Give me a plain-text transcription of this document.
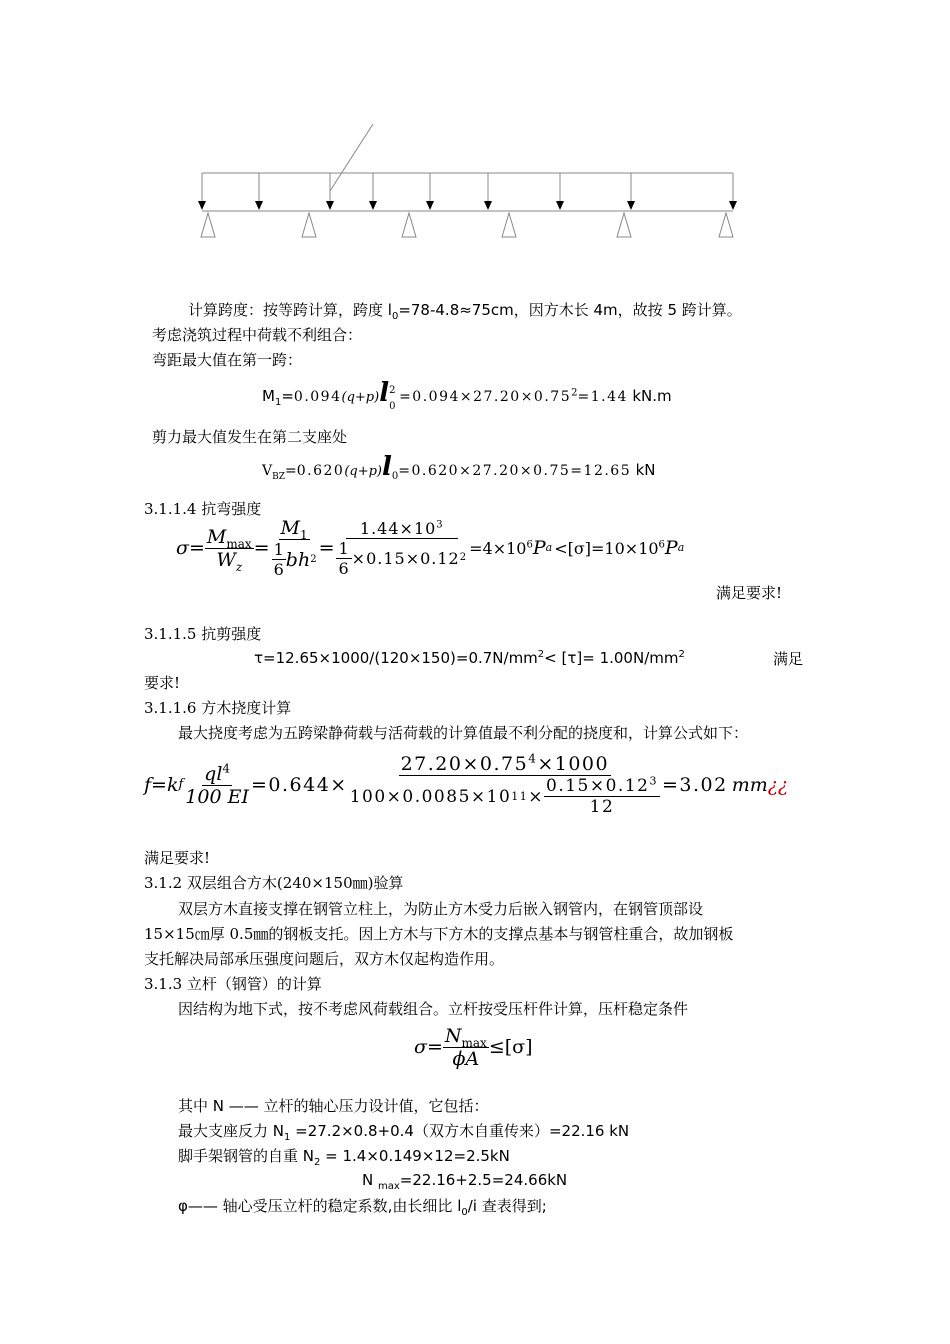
计算跨度：按等跨计算，跨度 $l_0=78-4.8\approx 75cm$，因方木长 4m，故按 5 跨计算。
考虑浇筑过程中荷载不利组合：
弯距最大值在第一跨：
$M_1=0.094(q+p)l$ 2
0
$=0.094\times 27.20\times 0.75^2=1.44$ kN.m
剪力最大值发生在第二支座处
$V_{BZ}=0.620(q+p)l_0=0.620\times 27.20\times 0.75=12.65$ kN
3.1.1.4 抗弯强度
$\sigma= \frac{M_{max}}{W_z} = \frac{M_1}{\frac{1}{6} bh 2} = \frac{1.44\times 10^3}{\frac{1}{6} \times 0.15\times 0.12 2} =4\times 10^6$ P $a <[\sigma]=10\times 10^6$ P a
满足要求!
3.1.1.5 抗剪强度
$\tau=12.65\times 1000/(120\times 150)=0.7N/mm^2< [\tau]= 1.00N/mm^2$	满足
要求!
3.1.1.6 方木挠度计算
最大挠度考虑为五跨梁静荷载与活荷载的计算值最不利分配的挠度和，计算公式如下：
f=k f $\frac{ql^4}{100 EI} =0.644\times \frac{27.20\times 0.75^4\times 1000}{100\times 0.0085\times 10 11 \times \frac{0.15\times 0.12^3}{12}} =3.02$ mm ¿¿
满足要求!
3.1.2 双层组合方木(240×150㎜)验算
双层方木直接支撑在钢管立柱上，为防止方木受力后嵌入钢管内，在钢管顶部设
15×15㎝厚 0.5㎜的钢板支托。因上方木与下方木的支撑点基本与钢管柱重合，故加钢板
支托解决局部承压强度问题后，双方木仅起构造作用。
3.1.3 立杆（钢管）的计算
因结构为地下式，按不考虑风荷载组合。立杆按受压杆件计算，压杆稳定条件
$\sigma= \frac{N_{max}}{\phi A} \le[\sigma]$
其中 N —— 立杆的轴心压力设计值，它包括：
最大支座反力 $N_1 =27.2\times 0.8+0.4$（双方木自重传来）=22.16 kN
脚手架钢管的自重 $N_2 = 1.4\times 0.149\times 12=2.5kN$
N $_{max}$=22.16+2.5=24.66kN
φ—— 轴心受压立杆的稳定系数,由长细比 $l_0/i$ 查表得到;
